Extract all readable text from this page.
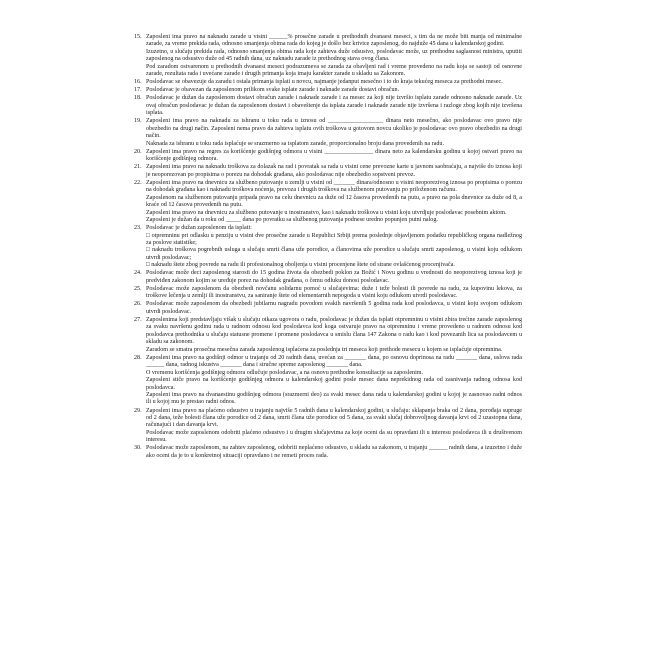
15. Zaposleni ima pravo na naknadu zarade u visini ______% prosečne zarade u prethodnih dvanaest meseci, s tim da ne može biti manja od minimalne zarade, za vreme prekida rada, odnosno smanjenja obima rada do kojeg je došlo bez krivice zaposlenog, do najduže 45 dana u kalendarskoj godini.

Izuzetno, u slučaju prekida rada, odnosno smanjenja obima rada koje zahteva duže odsustvo, poslodavac može, uz prethodnu saglasnost ministra, uputiti zaposlenog na odsustvo duže od 45 radnih dana, uz naknadu zarade iz prethodnog stava ovog člana.

Pod zaradom ostvarenom u prethodnih dvanaest meseci podrazumeva se zarada za obavljeni rad i vreme provedeno na radu koja se sastoji od osnovne zarade, rezultata rada i uvećane zarade i drugih primanja koja imaju karakter zarade u skladu sa Zakonom.

16. Poslodavac se obavezuje da zaradu i ostala primanja isplati u novcu, najmanje jedanput mesečno i to do kraja tekućeg meseca za prethodni mesec.

17. Poslodavac je obavezan da zaposlenom prilikom svake isplate zarade i naknade zarade dostavi obračun.

18. Poslodavac je dužan da zaposlenom dostavi obračun zarade i naknade zarade i za mesec za koji nije izvršio isplatu zarade odnosno naknade zarade. Uz ovaj obračun poslodavac je dužan da zaposlenom dostavi i obaveštenje da isplata zarade i naknade zarade nije izvršena i razloge zbog kojih nije izvršena isplata.

19. Zaposleni ima pravo na naknadu za ishranu u toku rada u iznosu od __________________ dinara neto mesečno, ako poslodavac ovo pravo nije obezbedio na drugi način. Zaposleni nema pravo da zahteva isplatu ovih troškova u gotovom novcu ukoliko je poslodavac ovo pravo obezbedio na drugi način.

Naknada za ishranu u toku rada isplaćuje se srazmerno sa isplatom zarade, proporcionalno broju dana provedenih na radu.

20. Zaposleni ima pravo na regres za korišćenje godišnjeg odmora u visini ________________ dinara neto za kalendarsku godinu u kojoj ostvari pravo na korišćenje godišnjeg odmora.

21. Zaposleni ima pravo na naknadu troškova za dolazak na rad i povratak sa rada u visini cene prevozne karte u javnom saobraćaju, a najviše do iznosa koji je neoporezovan po propisima o porezu na dohodak građana, ako poslodavac nije obezbedio sopstveni prevoz.

22. Zaposleni ima pravo na dnevnicu za službeno putovanje u zemlji u visini od _______ dinara/odnosno u visini neoporezivog iznosa po propisima o porezu na dohodak građana kao i naknadu troškova noćenja, prevoza i drugih troškova na službenom putovanju po priloženom računu.

Zaposlenom na službenom putovanju pripada pravo na celu dnevnicu za duže od 12 časova provedenih na putu, a pravo na pola dnevnice za duže od 8, a kraće od 12 časova provedenih na putu.

Zaposleni ima pravo na dnevnicu za službeno putovanje u inostranstvo, kao i naknadu troškova u visini koju utvrdjuje poslodavac posebnim aktom.

Zaposleni je dužan da u roku od _____ dana po povratku sa službenog putovanja podnese uredno popunjen putni nalog.

23. Poslodavac je dužan zaposlenom da isplati:

□ otpremninu pri odlasku u penziju u visini dve prosečne zarade u Republici Srbiji prema poslednje objavljenom podatku republičkog organa nadležnog za poslove statistike;

□ naknadu troškova pogrebnih usluga u slučaju smrti člana uže porodice, a članovima uže porodice u slučaju smrti zaposlenog, u visini koju odlukom utvrdi poslodavac;

□ naknadu štete zbog povrede na radu ili profesionalnog oboljenja u visini procenjene štete od strane ovlašćenog procenjivača.

24. Poslodavac može deci zaposlenog starosti do 15 godina života da obezbedi poklon za Božić i Novu godinu u vrednosti do neoporezivog iznosa koji je predviđen zakonom kojim se uređuje porez na dohodak građana, o čemu odluku donosi poslodavac.

25. Poslodavac može zaposlenom da obezbedi novčanu solidarnu pomoć u slučajevima: duže i teže bolesti ili povrede na radu, za kupovinu lekova, za troškove lečenja u zemlji ili inostranstvu, za saniranje štete od elementarnih nepogoda u visini koju odlukom utvrdi poslodavac.

26. Poslodavac može zaposlenom da obezbedi jubilarnu nagradu povodom svakih navršenih 5 godina rada kod poslodavca, u visini koju svojom odlukom utvrdi poslodavac.

27. Zaposlenima koji predstavljaju višak u slučaju otkaza ugovora o radu, poslodavac je dužan da isplati otpremninu u visini zbira trećine zarade zaposlenog za svaku navršenu godinu rada u radnom odnosu kod poslodavca kod koga ostvaruje pravo na otpremninu i vreme provedeno u radnom odnosu kod poslodavca prethodnika u slučaju statusne promene i promene poslodavca u smislu člana 147 Zakona o radu kao i kod povezanih lica sa poslodavcem u skladu sa zakonom.

Zaradom se smatra prosečna mesečna zarada zaposlenog isplaćena za poslednja tri meseca koji prethode mesecu u kojem se isplaćuje otpremnina.

28. Zaposleni ima pravo na godišnji odmor u trajanju od 20 radnih dana, uvećan za _______ dana, po osnovu doprinosa na radu _______ dana, uslova rada ______ dana, radnog iskustva _______ dana i stručne spreme zaposlenog _______ dana.

O vremenu korišćenja godišnjeg odmora odlučuje poslodavac, a na osnovu prethodne konsultacije sa zaposlenim.

Zaposleni stiče pravo na korišćenje godišnjeg odmora u kalendarskoj godini posle mesec dana neprekidnog rada od zasnivanja radnog odnosa kod poslodavca.

Zaposleni ima pravo na dvanaestinu godišnjeg odmora (srazmerni deo) za svaki mesec dana rada u kalendarskoj godini u kojoj je zasnovao radni odnos ili u kojoj mu je prestao radni odnos.

29. Zaposleni ima pravo na plaćeno odsustvo u trajanju najviše 5 radnih dana u kalendarskoj godini, u slučaju: sklapanja braka od 2 dana, porođaja supruge od 2 dana, teže bolesti člana uže porodice od 2 dana, smrti člana uže porodice od 5 dana, za svaki slučaj dobrovoljnog davanja krvi od 2 uzastopna dana, računajući i dan davanja krvi.

Poslodavac može zaposlenom odobriti plaćeno odsustvo i u drugim slučajevima za koje oceni da su opravdani ili u interesu poslodavca ili u društvenom interesu.

30. Poslodavac može zaposlenom, na zahtev zaposlenog, odobriti neplaćeno odsustvo, u skladu sa zakonom, u trajanju ______ radnih dana, a izuzetno i duže ako oceni da je to u konkretnoj situaciji opravdano i ne remeti proces rada.
